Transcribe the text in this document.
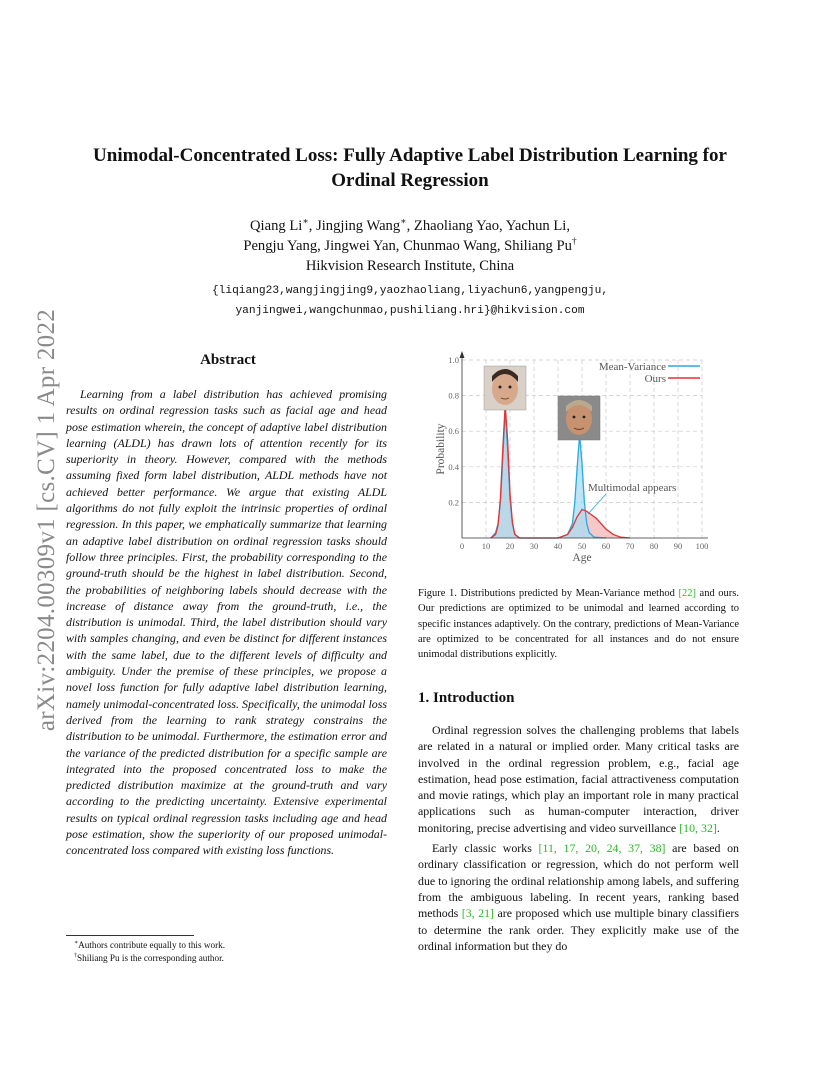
arXiv:2204.00309v1 [cs.CV] 1 Apr 2022
Unimodal-Concentrated Loss: Fully Adaptive Label Distribution Learning for
Ordinal Regression
Qiang Li∗, Jingjing Wang∗, Zhaoliang Yao, Yachun Li,
Pengju Yang, Jingwei Yan, Chunmao Wang, Shiliang Pu†
Hikvision Research Institute, China
{liqiang23,wangjingjing9,yaozhaoliang,liyachun6,yangpengju,
yanjingwei,wangchunmao,pushiliang.hri}@hikvision.com
Abstract
Learning from a label distribution has achieved promising results on ordinal regression tasks such as facial age and head pose estimation wherein, the concept of adaptive label distribution learning (ALDL) has drawn lots of attention recently for its superiority in theory. However, compared with the methods assuming fixed form label distribution, ALDL methods have not achieved better performance. We argue that existing ALDL algorithms do not fully exploit the intrinsic properties of ordinal regression. In this paper, we emphatically summarize that learning an adaptive label distribution on ordinal regression tasks should follow three principles. First, the probability corresponding to the ground-truth should be the highest in label distribution. Second, the probabilities of neighboring labels should decrease with the increase of distance away from the ground-truth, i.e., the distribution is unimodal. Third, the label distribution should vary with samples changing, and even be distinct for different instances with the same label, due to the different levels of difficulty and ambiguity. Under the premise of these principles, we propose a novel loss function for fully adaptive label distribution learning, namely unimodal-concentrated loss. Specifically, the unimodal loss derived from the learning to rank strategy constrains the distribution to be unimodal. Furthermore, the estimation error and the variance of the predicted distribution for a specific sample are integrated into the proposed concentrated loss to make the predicted distribution maximize at the ground-truth and vary according to the predicting uncertainty. Extensive experimental results on typical ordinal regression tasks including age and head pose estimation, show the superiority of our proposed unimodal-concentrated loss compared with existing loss functions.
∗Authors contribute equally to this work.
†Shiliang Pu is the corresponding author.
0 10 20 30 40 50 60 70 80 90 100
0.2
0.4
0.6
0.8
1.0
Age
Probability
Mean-Variance
Ours
Multimodal appears
Figure 1. Distributions predicted by Mean-Variance method [22] and ours. Our predictions are optimized to be unimodal and learned according to specific instances adaptively. On the contrary, predictions of Mean-Variance are optimized to be concentrated for all instances and do not ensure unimodal distributions explicitly.
1. Introduction

Ordinal regression solves the challenging problems that labels are related in a natural or implied order. Many critical tasks are involved in the ordinal regression problem, e.g., facial age estimation, head pose estimation, facial attractiveness computation and movie ratings, which play an important role in many practical applications such as human-computer interaction, driver monitoring, precise advertising and video surveillance [10, 32].

Early classic works [11, 17, 20, 24, 37, 38] are based on ordinary classification or regression, which do not perform well due to ignoring the ordinal relationship among labels, and suffering from the ambiguous labeling. In recent years, ranking based methods [3, 21] are proposed which use multiple binary classifiers to determine the rank order. They explicitly make use of the ordinal information but they do
